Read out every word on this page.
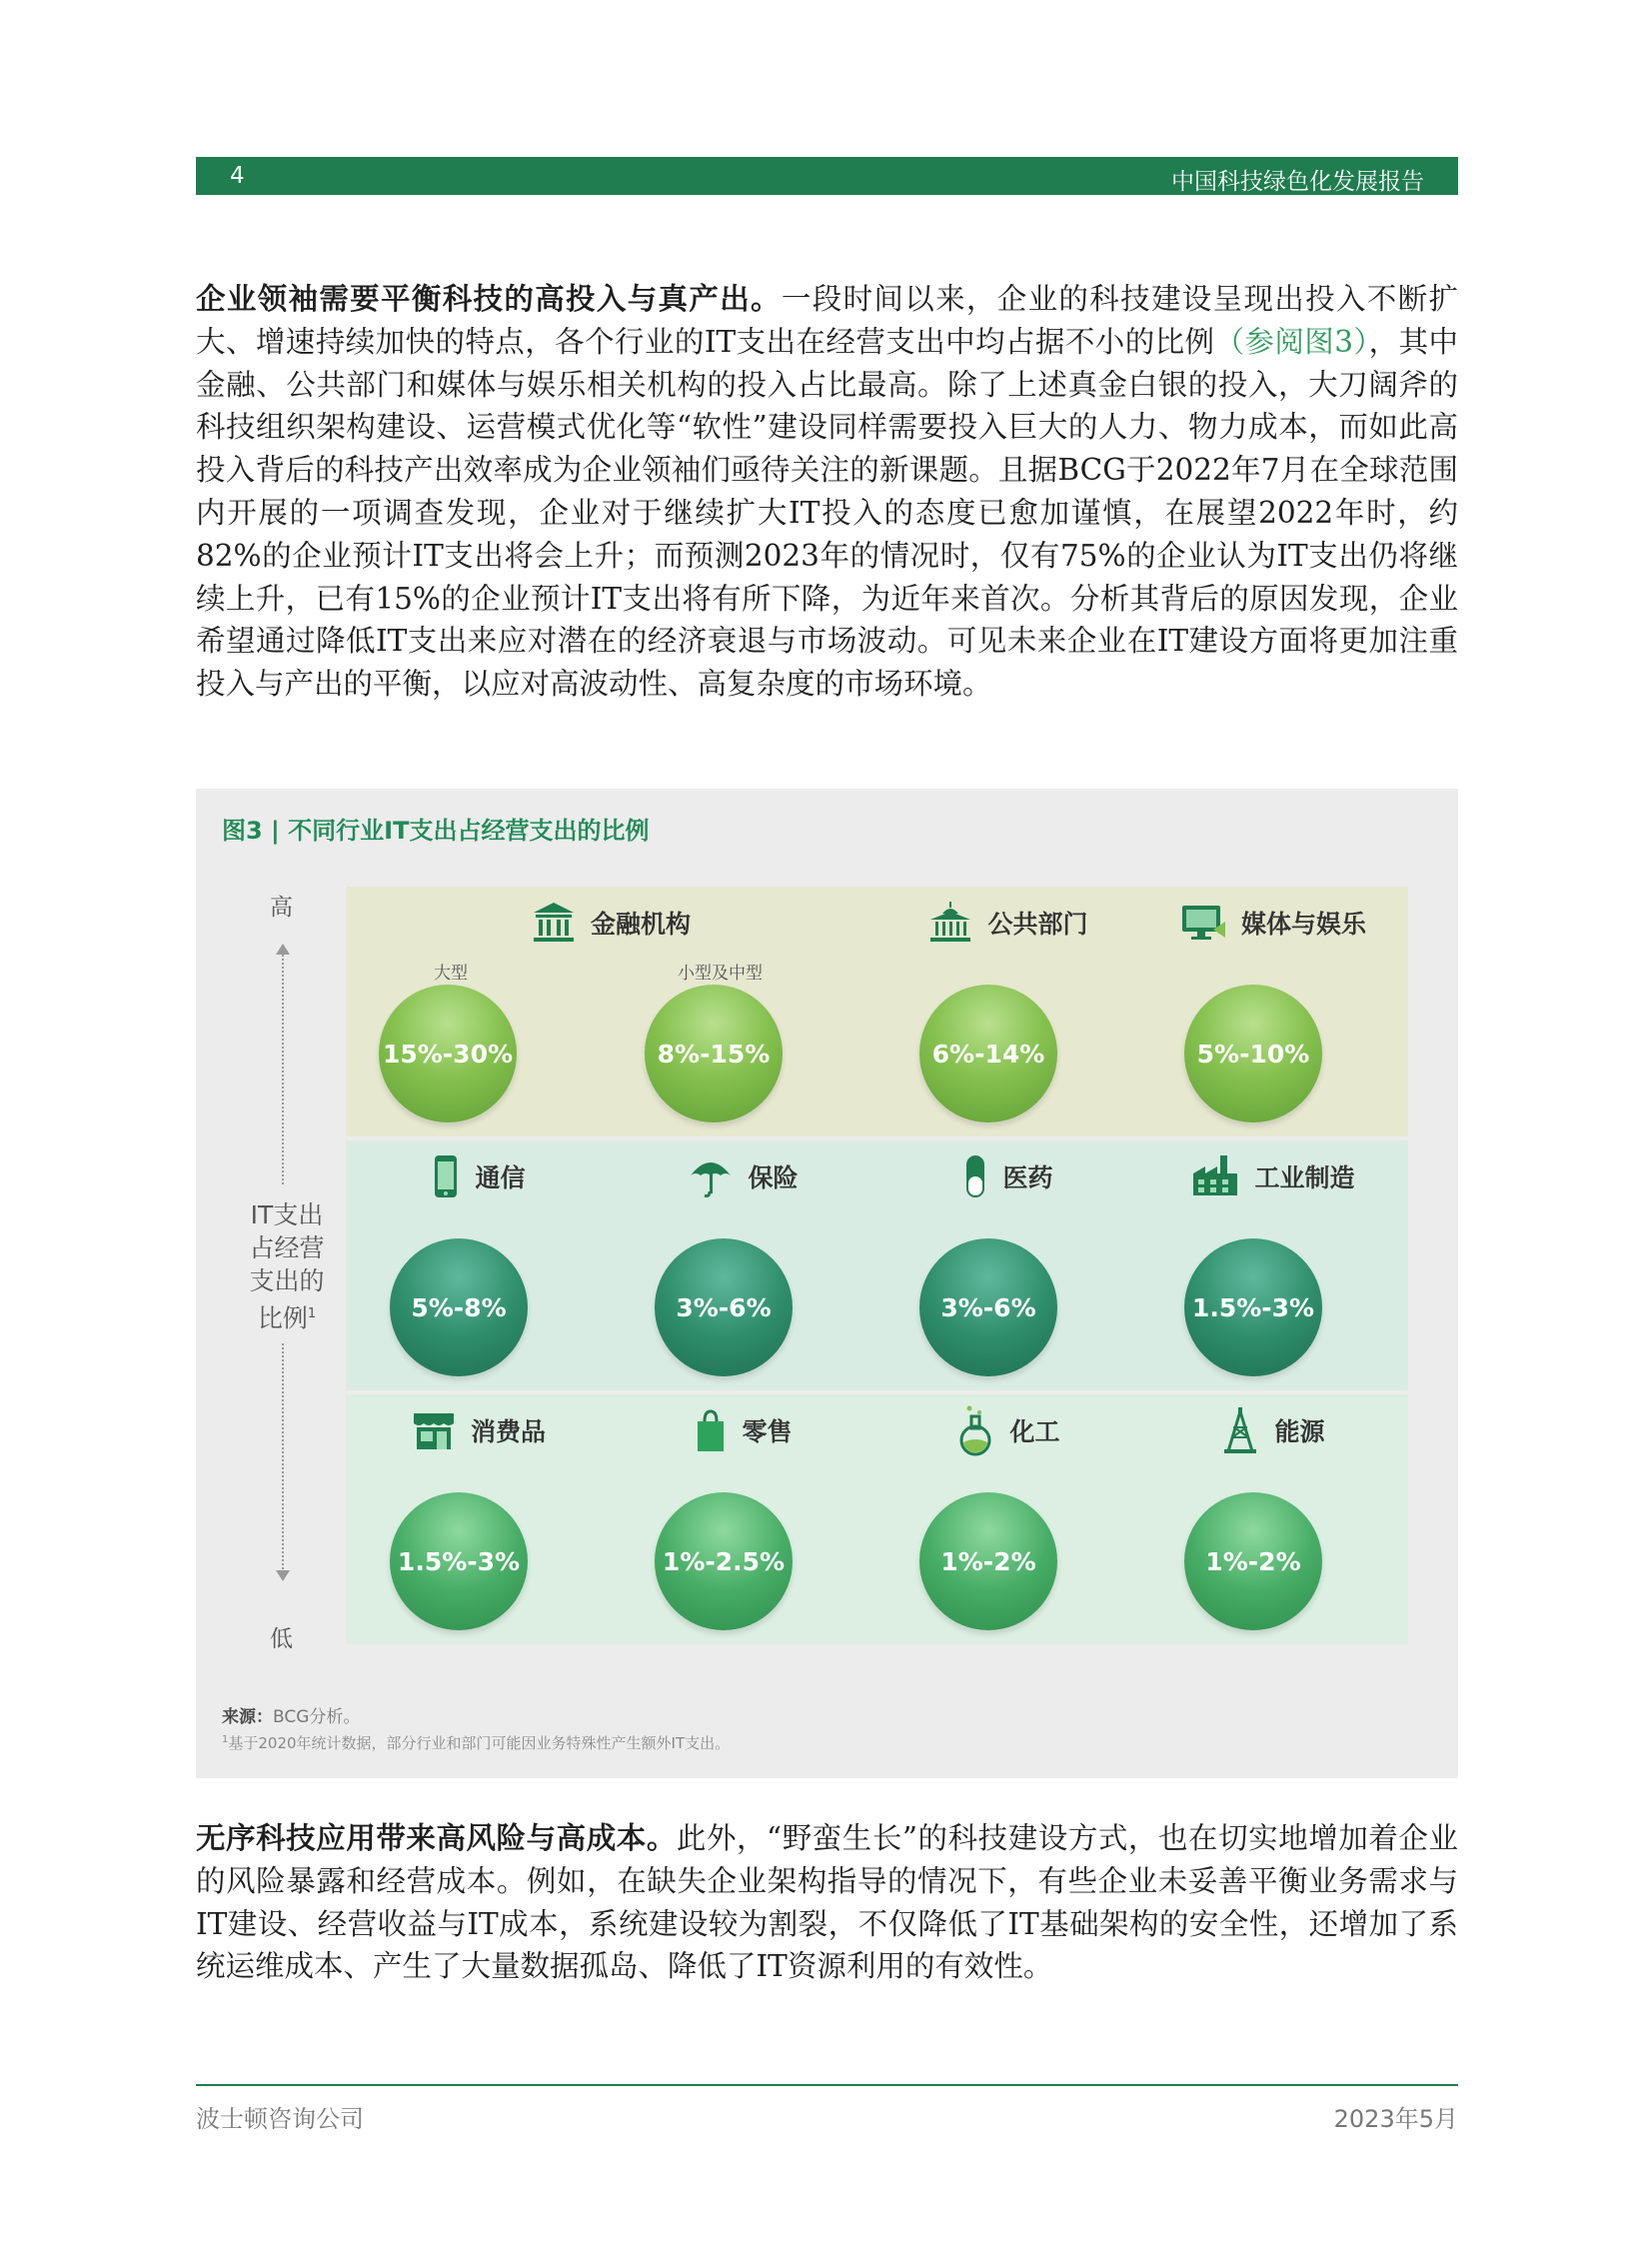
4	中国科技绿色化发展报告
企业领袖需要平衡科技的高投入与真产出。一段时间以来，企业的科技建设呈现出投入不断扩大、增速持续加快的特点，各个行业的IT支出在经营支出中均占据不小的比例（参阅图3），其中金融、公共部门和媒体与娱乐相关机构的投入占比最高。除了上述真金白银的投入，大刀阔斧的科技组织架构建设、运营模式优化等“软性”建设同样需要投入巨大的人力、物力成本，而如此高投入背后的科技产出效率成为企业领袖们亟待关注的新课题。且据BCG于2022年7月在全球范围内开展的一项调查发现，企业对于继续扩大IT投入的态度已愈加谨慎，在展望2022年时，约82%的企业预计IT支出将会上升；而预测2023年的情况时，仅有75%的企业认为IT支出仍将继续上升，已有15%的企业预计IT支出将有所下降，为近年来首次。分析其背后的原因发现，企业希望通过降低IT支出来应对潜在的经济衰退与市场波动。可见未来企业在IT建设方面将更加注重投入与产出的平衡，以应对高波动性、高复杂度的市场环境。
图3 | 不同行业IT支出占经营支出的比例
高
IT支出
占经营
支出的
比例$^1$
低
金融机构
大型	小型及中型
15%-30%	8%-15%
公共部门
6%-14%
媒体与娱乐
5%-10%
通信
5%-8%
保险
3%-6%
医药
3%-6%
工业制造
1.5%-3%
消费品
1.5%-3%
零售
1%-2.5%
化工
1%-2%
能源
1%-2%
来源：BCG分析。
$^1$基于2020年统计数据，部分行业和部门可能因业务特殊性产生额外IT支出。
无序科技应用带来高风险与高成本。此外，“野蛮生长”的科技建设方式，也在切实地增加着企业的风险暴露和经营成本。例如，在缺失企业架构指导的情况下，有些企业未妥善平衡业务需求与IT建设、经营收益与IT成本，系统建设较为割裂，不仅降低了IT基础架构的安全性，还增加了系统运维成本、产生了大量数据孤岛、降低了IT资源利用的有效性。
波士顿咨询公司	2023年5月
